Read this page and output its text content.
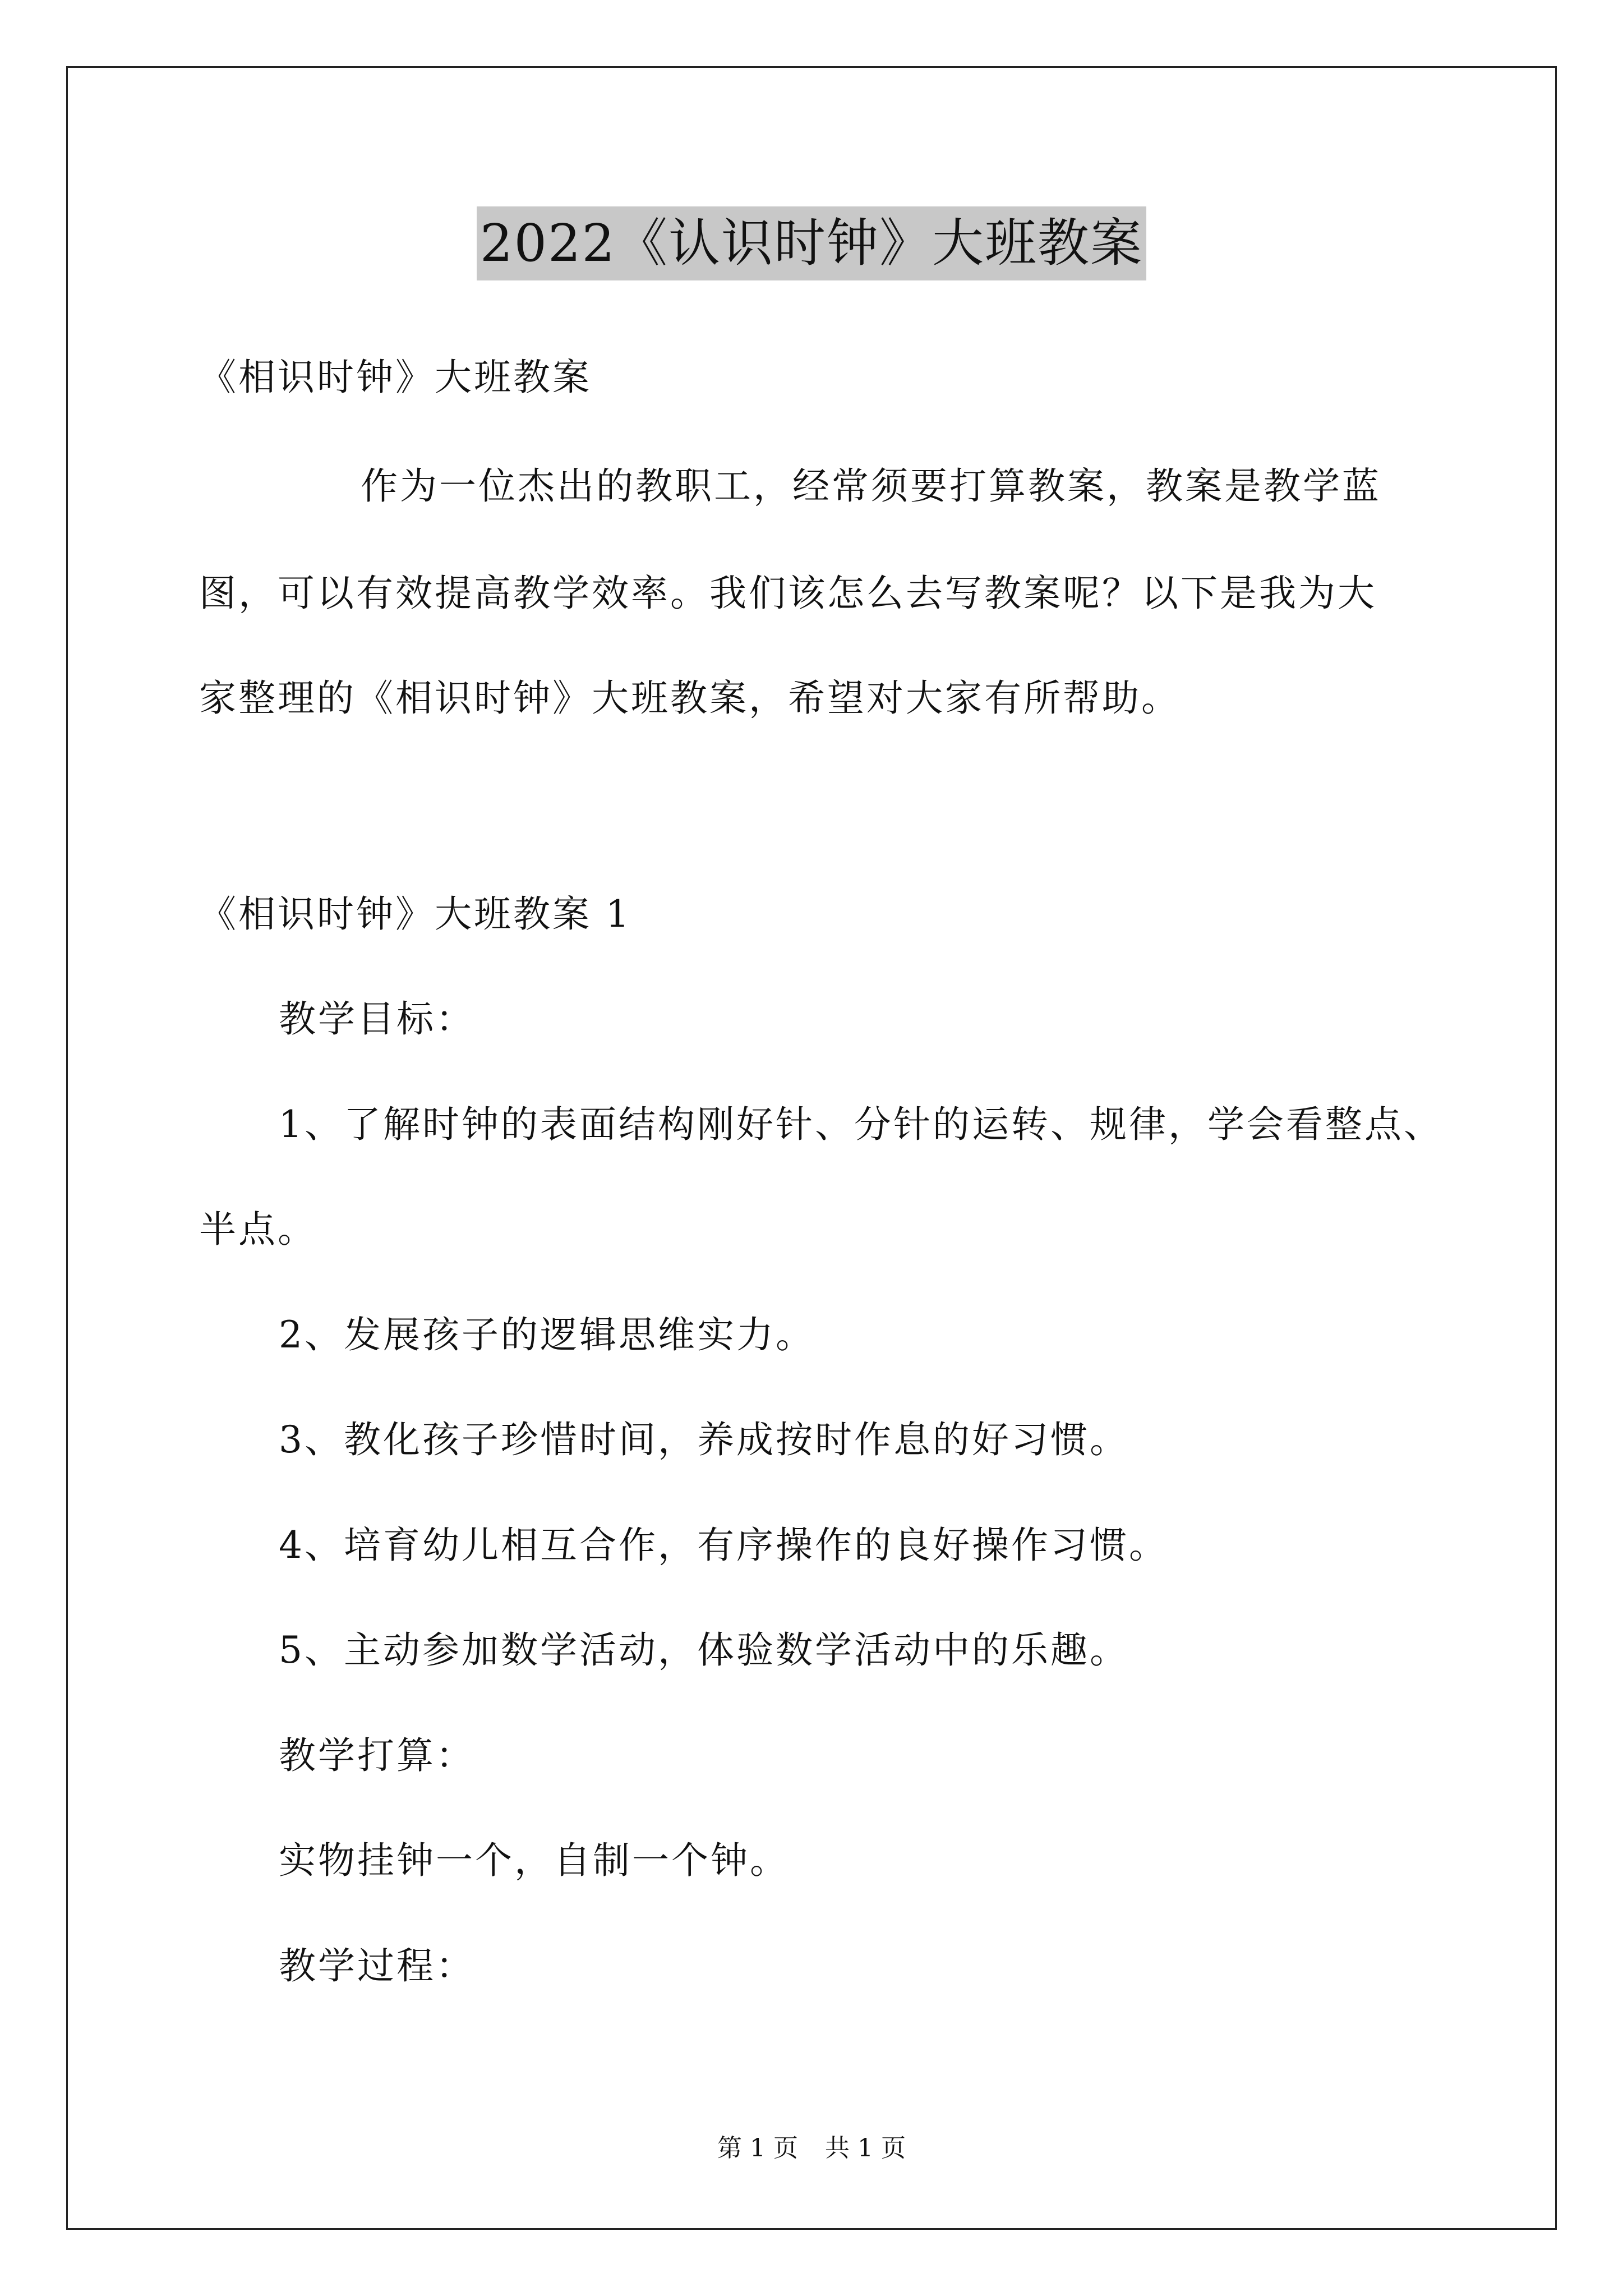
2022《认识时钟》大班教案
《相识时钟》大班教案
作为一位杰出的教职工，经常须要打算教案，教案是教学蓝
图，可以有效提高教学效率。我们该怎么去写教案呢？以下是我为大
家整理的《相识时钟》大班教案，希望对大家有所帮助。
《相识时钟》大班教案 1
教学目标：
1、了解时钟的表面结构刚好针、分针的运转、规律，学会看整点、
半点。
2、发展孩子的逻辑思维实力。
3、教化孩子珍惜时间，养成按时作息的好习惯。
4、培育幼儿相互合作，有序操作的良好操作习惯。
5、主动参加数学活动，体验数学活动中的乐趣。
教学打算：
实物挂钟一个，自制一个钟。
教学过程：
第 1 页 共 1 页
